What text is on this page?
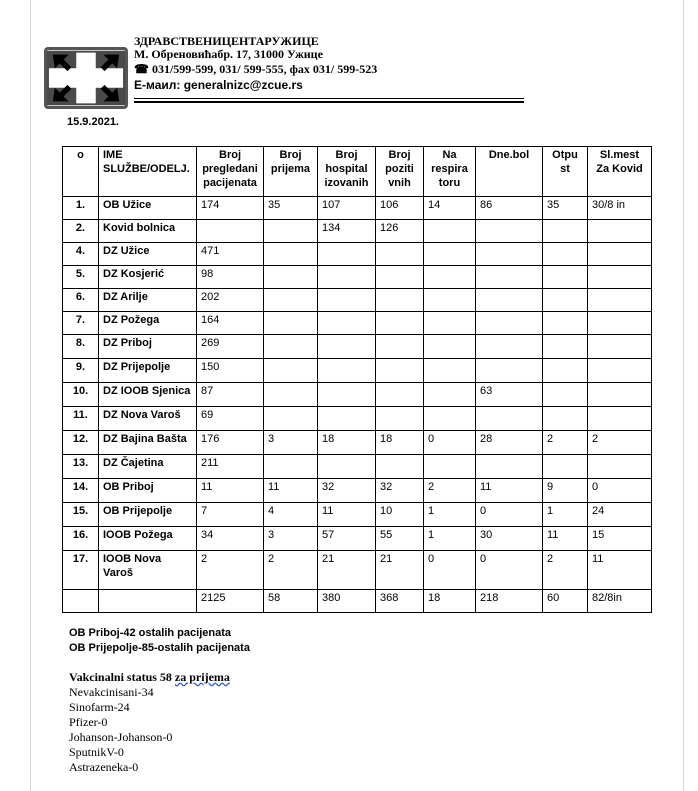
ЗДРАВСТВЕНИЦЕНТАРУЖИЦЕ
М. Обреновићабр. 17, 31000 Ужице
☎ 031/599-599, 031/ 599-555, фах 031/ 599-523
Е-маил: generalnizc@zcue.rs
15.9.2021.
o	IME SLUŽBE/ODELJ.	Broj pregledani pacijenata	Broj prijema	Broj hospital izovanih	Broj poziti vnih	Na respira toru	Dne.bol	Otpu st	Sl.mest Za Kovid
1.	OB Užice	174	35	107	106	14	86	35	30/8 in
2.	Kovid bolnica			134	126				
4.	DZ Užice	471							
5.	DZ Kosjerić	98							
6.	DZ Arilje	202							
7.	DZ Požega	164							
8.	DZ Priboj	269							
9.	DZ Prijepolje	150							
10.	DZ IOOB Sjenica	87					63		
11.	DZ Nova Varoš	69							
12.	DZ Bajina Bašta	176	3	18	18	0	28	2	2
13.	DZ Čajetina	211							
14.	OB Priboj	11	11	32	32	2	11	9	0
15.	OB Prijepolje	7	4	11	10	1	0	1	24
16.	IOOB Požega	34	3	57	55	1	30	11	15
17.	IOOB Nova Varoš	2	2	21	21	0	0	2	11
		2125	58	380	368	18	218	60	82/8in
OB Priboj-42 ostalih pacijenata
OB Prijepolje-85-ostalih pacijenata
Vakcinalni status 58 za prijema
Nevakcinisani-34
Sinofarm-24
Pfizer-0
Johanson-Johanson-0
SputnikV-0
Astrazeneka-0
